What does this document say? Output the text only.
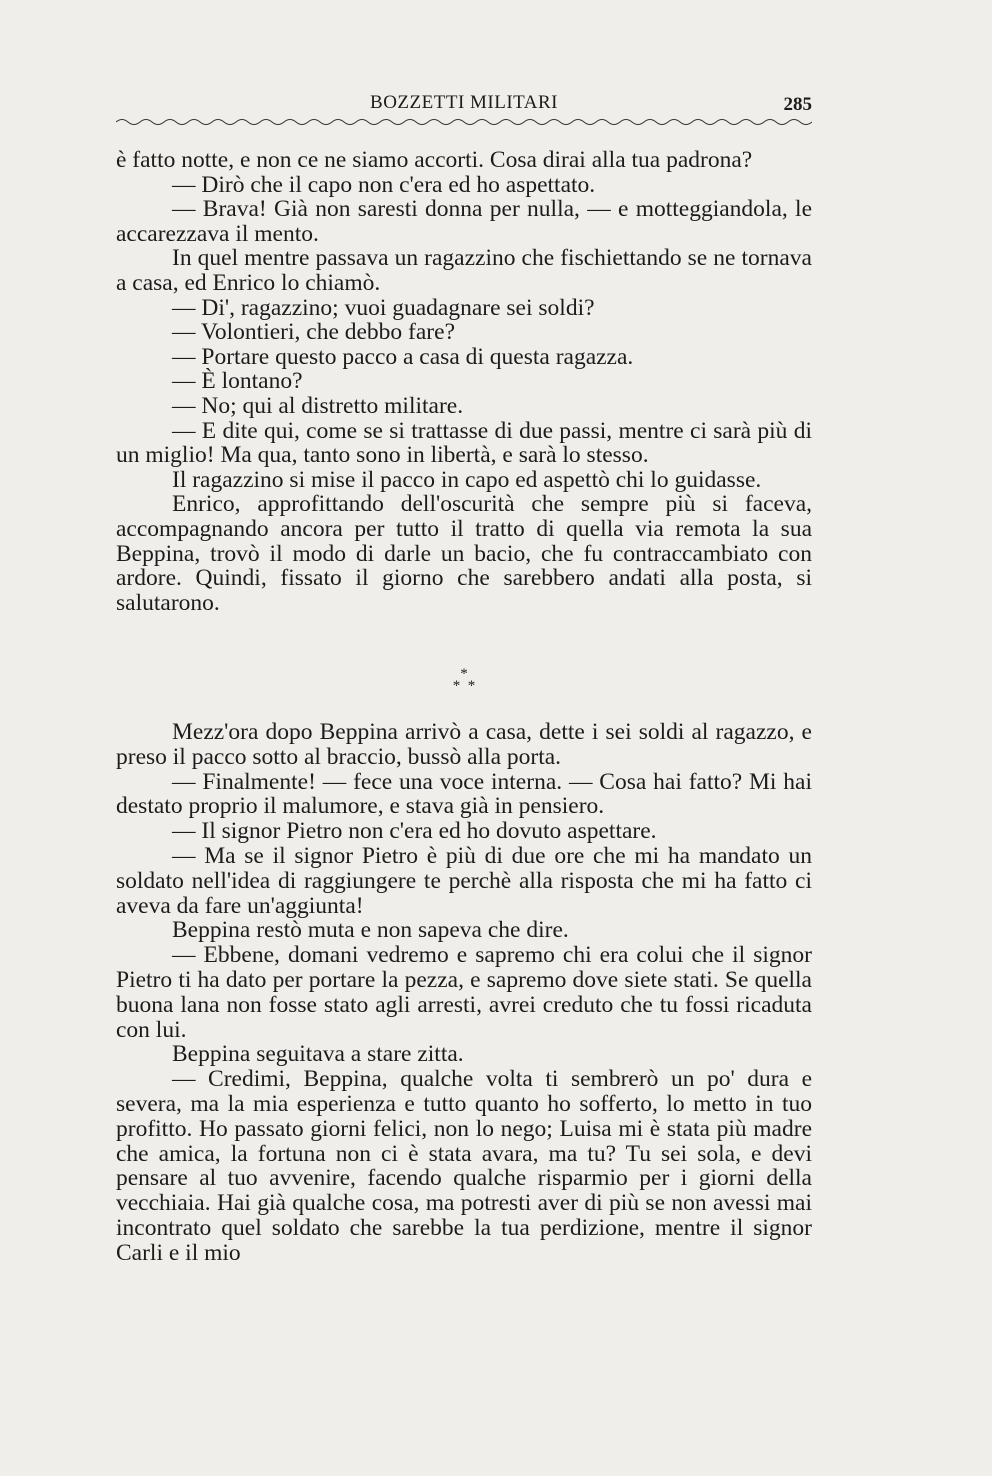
BOZZETTI MILITARI	285

è fatto notte, e non ce ne siamo accorti. Cosa dirai alla tua padrona?

— Dirò che il capo non c'era ed ho aspettato.

— Brava! Già non saresti donna per nulla, — e motteggiandola, le accarezzava il mento.

In quel mentre passava un ragazzino che fischiettando se ne tornava a casa, ed Enrico lo chiamò.

— Di', ragazzino; vuoi guadagnare sei soldi?

— Volontieri, che debbo fare?

— Portare questo pacco a casa di questa ragazza.

— È lontano?

— No; qui al distretto militare.

— E dite qui, come se si trattasse di due passi, mentre ci sarà più di un miglio! Ma qua, tanto sono in libertà, e sarà lo stesso.

Il ragazzino si mise il pacco in capo ed aspettò chi lo guidasse.

Enrico, approfittando dell'oscurità che sempre più si faceva, accompagnando ancora per tutto il tratto di quella via remota la sua Beppina, trovò il modo di darle un bacio, che fu contraccambiato con ardore. Quindi, fissato il giorno che sarebbero andati alla posta, si salutarono.

*
*  *

Mezz'ora dopo Beppina arrivò a casa, dette i sei soldi al ragazzo, e preso il pacco sotto al braccio, bussò alla porta.

— Finalmente! — fece una voce interna. — Cosa hai fatto? Mi hai destato proprio il malumore, e stava già in pensiero.

— Il signor Pietro non c'era ed ho dovuto aspettare.

— Ma se il signor Pietro è più di due ore che mi ha mandato un soldato nell'idea di raggiungere te perchè alla risposta che mi ha fatto ci aveva da fare un'aggiunta!

Beppina restò muta e non sapeva che dire.

— Ebbene, domani vedremo e sapremo chi era colui che il signor Pietro ti ha dato per portare la pezza, e sapremo dove siete stati. Se quella buona lana non fosse stato agli arresti, avrei creduto che tu fossi ricaduta con lui.

Beppina seguitava a stare zitta.

— Credimi, Beppina, qualche volta ti sembrerò un po' dura e severa, ma la mia esperienza e tutto quanto ho sofferto, lo metto in tuo profitto. Ho passato giorni felici, non lo nego; Luisa mi è stata più madre che amica, la fortuna non ci è stata avara, ma tu? Tu sei sola, e devi pensare al tuo avvenire, facendo qualche risparmio per i giorni della vecchiaia. Hai già qualche cosa, ma potresti aver di più se non avessi mai incontrato quel soldato che sarebbe la tua perdizione, mentre il signor Carli e il mio
